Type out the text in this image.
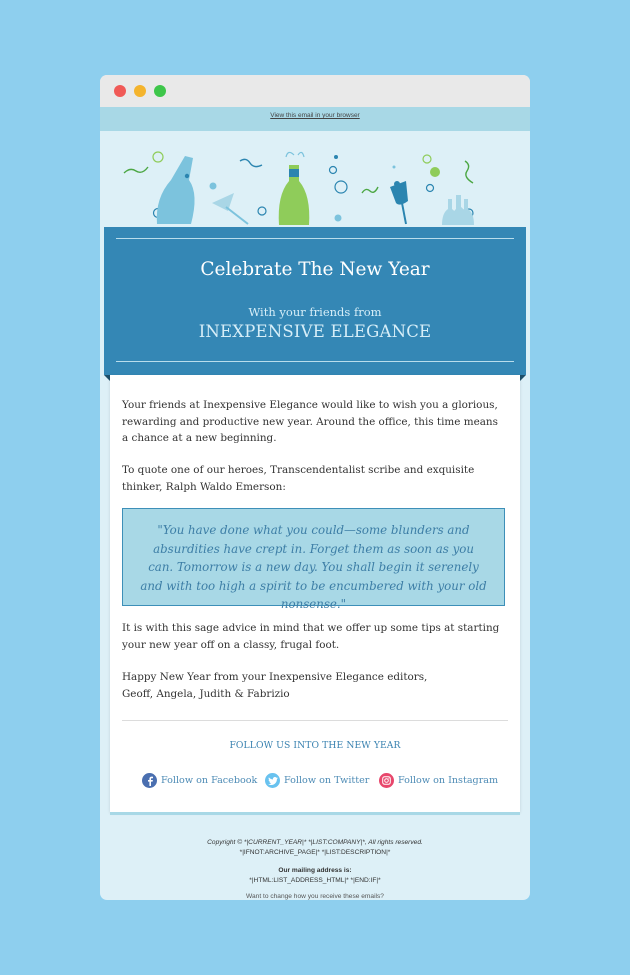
View this email in your browser
Celebrate The New Year
With your friends from
INEXPENSIVE ELEGANCE

Your friends at Inexpensive Elegance would like to wish you a glorious, rewarding and productive new year. Around the office, this time means a chance at a new beginning.

To quote one of our heroes, Transcendentalist scribe and exquisite thinker, Ralph Waldo Emerson:

"You have done what you could—some blunders and absurdities have crept in. Forget them as soon as you can. Tomorrow is a new day. You shall begin it serenely and with too high a spirit to be encumbered with your old nonsense."

It is with this sage advice in mind that we offer up some tips at starting your new year off on a classy, frugal foot.

Happy New Year from your Inexpensive Elegance editors,
Geoff, Angela, Judith & Fabrizio

FOLLOW US INTO THE NEW YEAR
Follow on Facebook	Follow on Twitter	Follow on Instagram
Copyright © *|CURRENT_YEAR|* *|LIST:COMPANY|*, All rights reserved.
*|IFNOT:ARCHIVE_PAGE|* *|LIST:DESCRIPTION|*
Our mailing address is:
*|HTML:LIST_ADDRESS_HTML|* *|END:IF|*
Want to change how you receive these emails?
